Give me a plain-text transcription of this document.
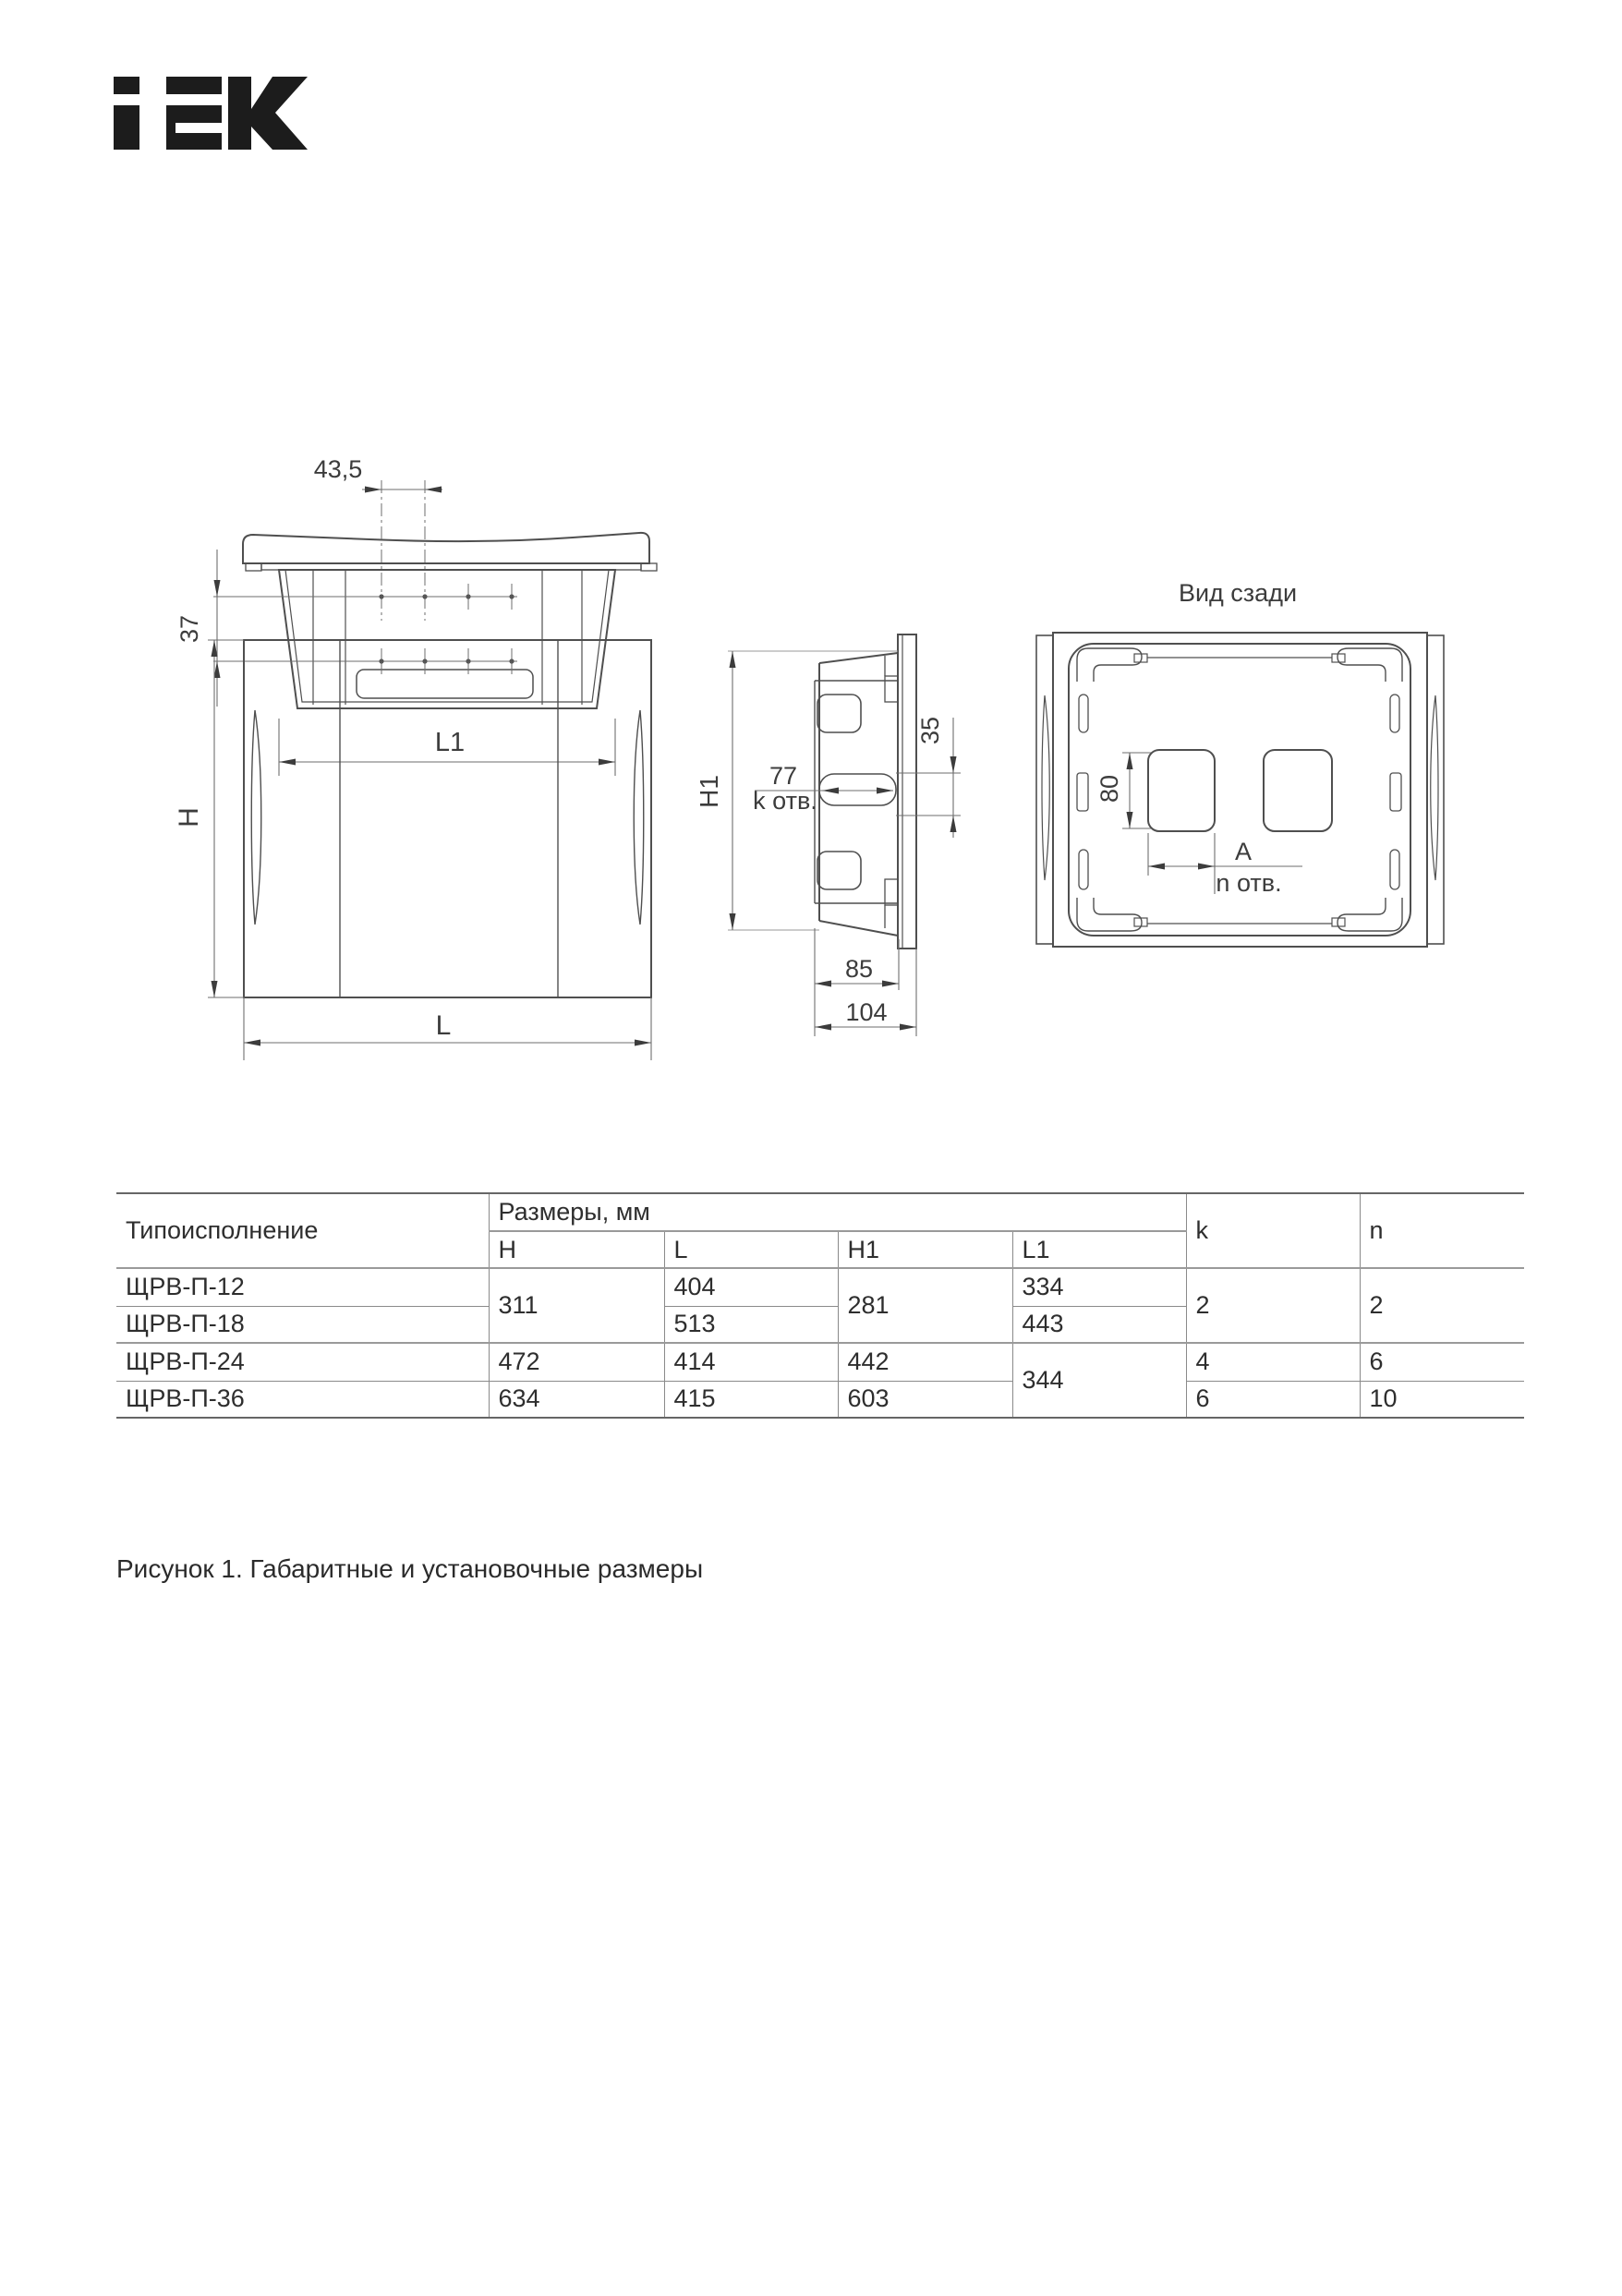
43,5
37
L1
H
L
H1 77
k отв.
35
85
104
Вид сзади
80
A
n отв.
Типоисполнение	Размеры, мм				k	n
	H	L	H1	L1		
ЩРВ-П-12	311	404	281	334	2	2
ЩРВ-П-18		513		443		
ЩРВ-П-24	472	414	442	344	4	6
ЩРВ-П-36	634	415	603		6	10
Рисунок 1. Габаритные и установочные размеры
